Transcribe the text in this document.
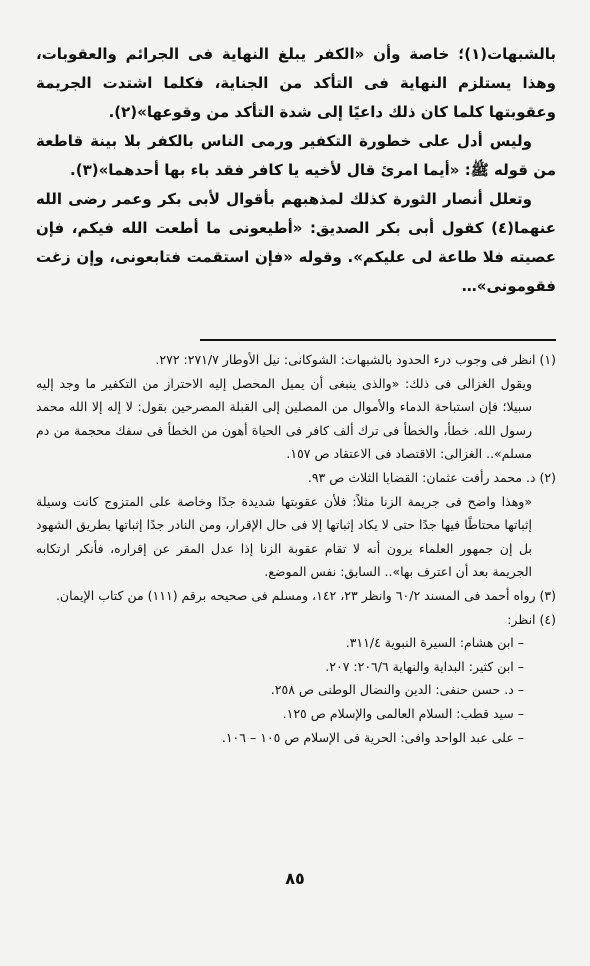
بالشبهات(١)؛ خاصة وأن «الكفر يبلغ النهاية فى الجرائم والعقوبات، وهذا يستلزم النهاية فى التأكد من الجناية، فكلما اشتدت الجريمة وعقوبتها كلما كان ذلك داعيًا إلى شدة التأكد من وقوعها»(٢).

وليس أدل على خطورة التكفير ورمى الناس بالكفر بلا بينة قاطعة من قوله ﷺ: «أيما امرئ قال لأخيه يا كافر فقد باء بها أحدهما»(٣).

وتعلل أنصار الثورة كذلك لمذهبهم بأقوال لأبى بكر وعمر رضى الله عنهما(٤) كقول أبى بكر الصديق: «أطيعونى ما أطعت الله فيكم، فإن عصيته فلا طاعة لى عليكم». وقوله «فإن استقمت فتابعونى، وإن زغت فقومونى»…

(١) انظر فى وجوب درء الحدود بالشبهات: الشوكانى: نيل الأوطار ٢٧١/٧: ٢٧٢.

ويقول الغزالى فى ذلك: «والذى ينبغى أن يميل المحصل إليه الاحتراز من التكفير ما وجد إليه سبيلا؛ فإن استباحة الدماء والأموال من المصلين إلى القبلة المصرحين بقول: لا إله إلا الله محمد رسول الله. خطأ، والخطأ فى ترك ألف كافر فى الحياة أهون من الخطأ فى سفك محجمة من دم مسلم».. الغزالى: الاقتصاد فى الاعتقاد ص ١٥٧.

(٢) د. محمد رأفت عثمان: القضايا الثلاث ص ٩٣.

«وهذا واضح فى جريمة الزنا مثلاً: فلأن عقوبتها شديدة جدًا وخاصة على المتزوج كانت وسيلة إثباتها محتاطًا فيها جدًا حتى لا يكاد إثباتها إلا فى حال الإقرار، ومن النادر جدًا إثباتها بطريق الشهود بل إن جمهور العلماء يرون أنه لا تقام عقوبة الزنا إذا عدل المقر عن إقراره، فأنكر ارتكابه الجريمة بعد أن اعترف بها».. السابق: نفس الموضع.

(٣) رواه أحمد فى المسند ٦٠/٢ وانظر ٢٣، ١٤٢، ومسلم فى صحيحه برقم (١١١) من كتاب الإيمان.

(٤) انظر:

– ابن هشام: السيرة النبوية ٣١١/٤.

– ابن كثير: البداية والنهاية ٢٠٦/٦: ٢٠٧.

– د. حسن حنفى: الدين والنضال الوطنى ص ٢٥٨.

– سيد قطب: السلام العالمى والإسلام ص ١٢٥.

– على عبد الواحد وافى: الحرية فى الإسلام ص ١٠٥ – ١٠٦.

٨٥
